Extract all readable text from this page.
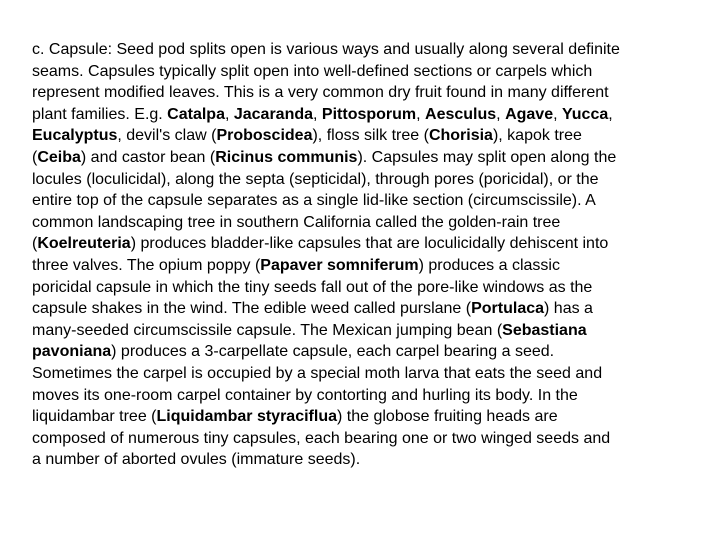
c. Capsule: Seed pod splits open is various ways and usually along several definite
seams. Capsules typically split open into well-defined sections or carpels which
represent modified leaves. This is a very common dry fruit found in many different
plant families. E.g. Catalpa, Jacaranda, Pittosporum, Aesculus, Agave, Yucca,
Eucalyptus, devil's claw (Proboscidea), floss silk tree (Chorisia), kapok tree
(Ceiba) and castor bean (Ricinus communis). Capsules may split open along the
locules (loculicidal), along the septa (septicidal), through pores (poricidal), or the
entire top of the capsule separates as a single lid-like section (circumscissile). A
common landscaping tree in southern California called the golden-rain tree
(Koelreuteria) produces bladder-like capsules that are loculicidally dehiscent into
three valves. The opium poppy (Papaver somniferum) produces a classic
poricidal capsule in which the tiny seeds fall out of the pore-like windows as the
capsule shakes in the wind. The edible weed called purslane (Portulaca) has a
many-seeded circumscissile capsule. The Mexican jumping bean (Sebastiana
pavoniana) produces a 3-carpellate capsule, each carpel bearing a seed.
Sometimes the carpel is occupied by a special moth larva that eats the seed and
moves its one-room carpel container by contorting and hurling its body. In the
liquidambar tree (Liquidambar styraciflua) the globose fruiting heads are
composed of numerous tiny capsules, each bearing one or two winged seeds and
a number of aborted ovules (immature seeds).
